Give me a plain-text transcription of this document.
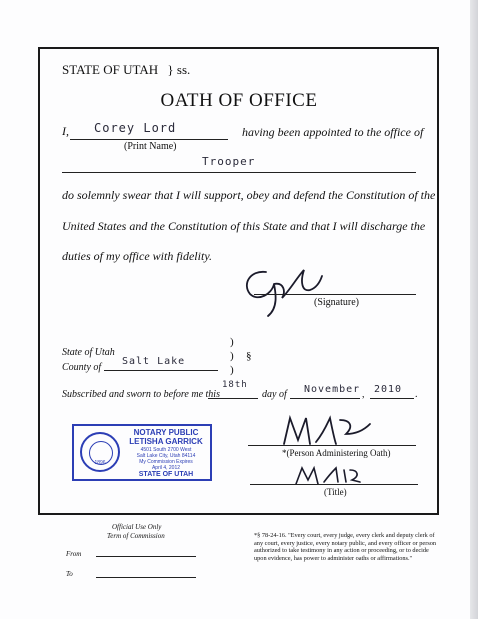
STATE OF UTAH } ss.
OATH OF OFFICE
I, Corey Lord
(Print Name)
having been appointed to the office of
Trooper
do solemnly swear that I will support, obey and defend the Constitution of the
United States and the Constitution of this State and that I will discharge the
duties of my office with fidelity.
(Signature)
State of Utah
County of
Salt Lake
)
)
)
§
Subscribed and sworn to before me this
18th
day of November , 2010 .
1896
NOTARY PUBLIC
LETISHA GARRICK
4501 South 2700 West
Salt Lake City, Utah 84114
My Commission Expires
April 4, 2012
STATE OF UTAH
*(Person Administering Oath)
(Title)
Official Use Only
Term of Commission
From
To
*§ 78-24-16. "Every court, every judge, every clerk and deputy clerk of any court, every justice, every notary public, and every officer or person authorized to take testimony in any action or proceeding, or to decide upon evidence, has power to administer oaths or affirmations."
